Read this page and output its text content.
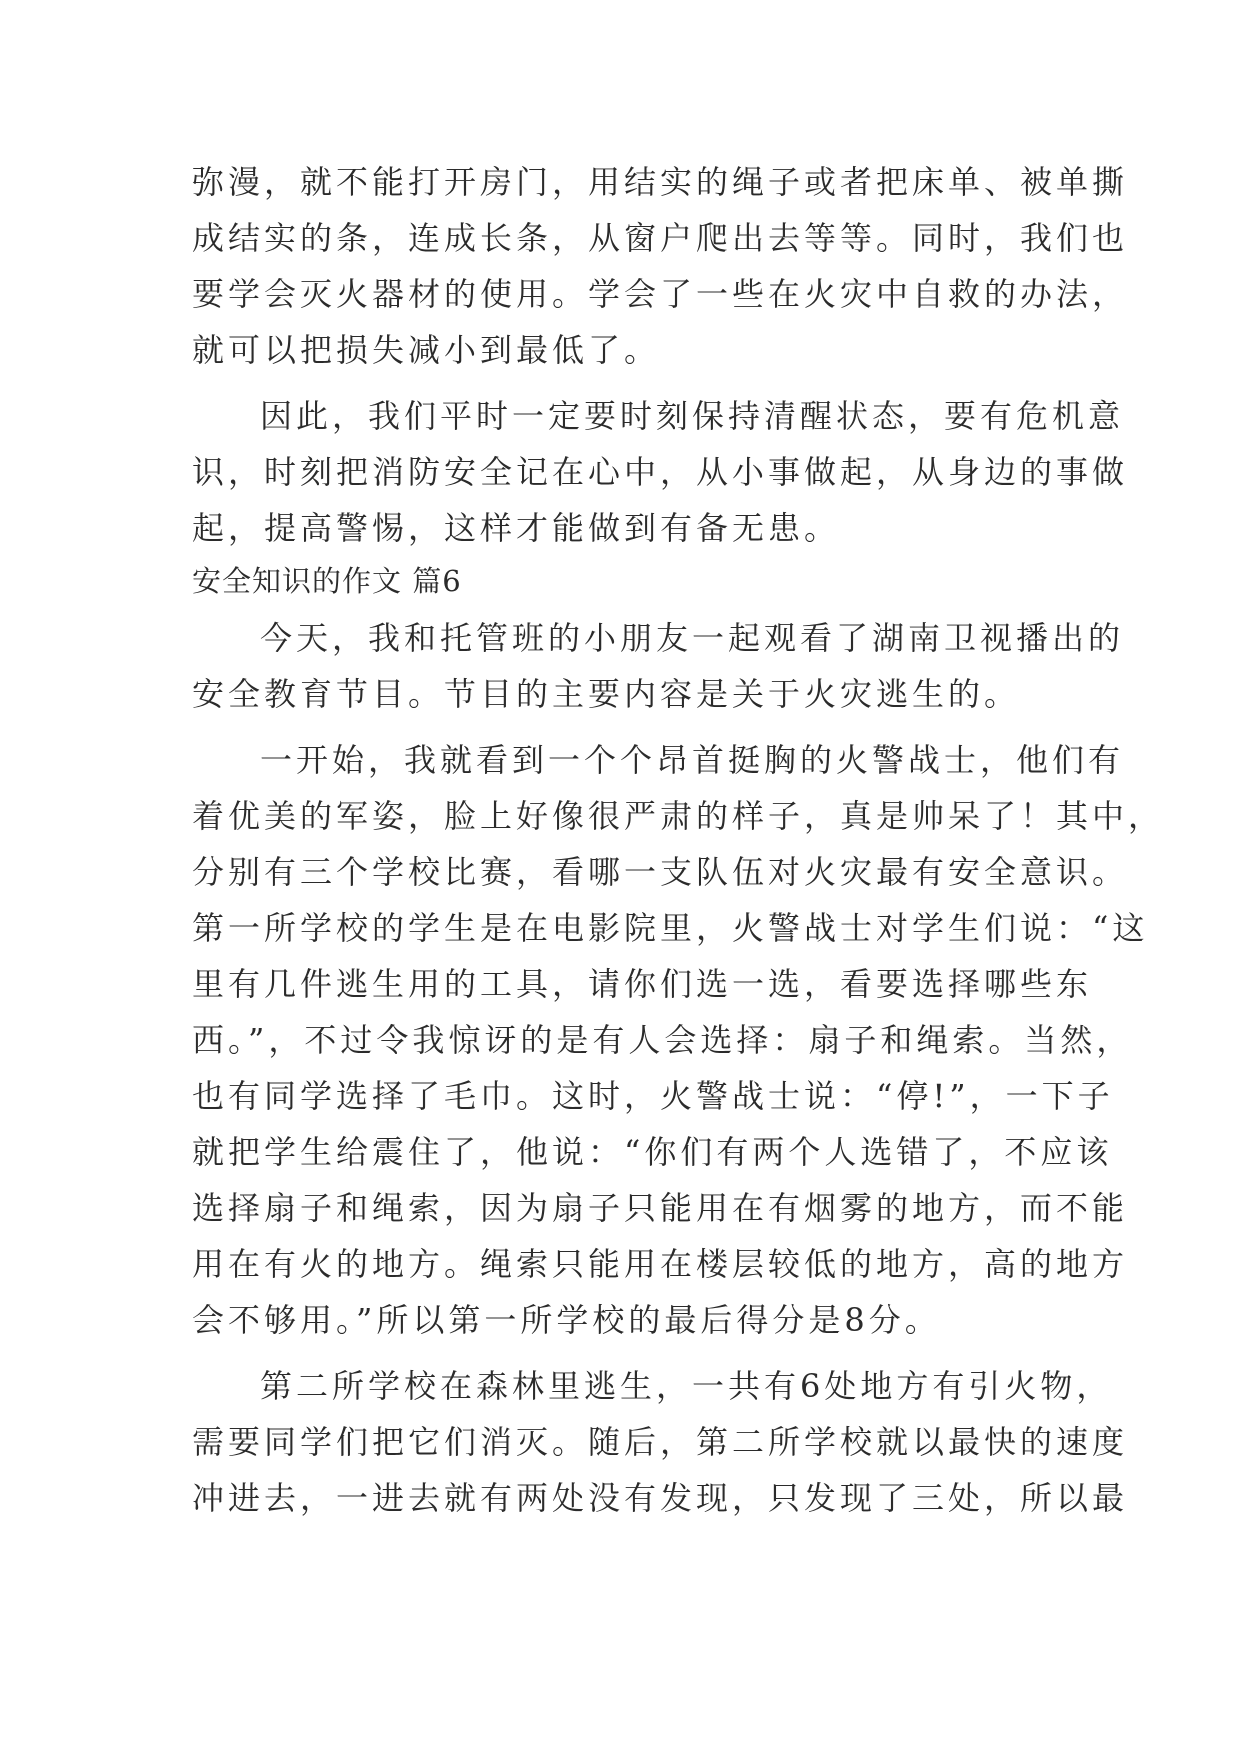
弥漫，就不能打开房门，用结实的绳子或者把床单、被单撕
成结实的条，连成长条，从窗户爬出去等等。同时，我们也
要学会灭火器材的使用。学会了一些在火灾中自救的办法，
就可以把损失减小到最低了。
因此，我们平时一定要时刻保持清醒状态，要有危机意
识，时刻把消防安全记在心中，从小事做起，从身边的事做
起，提高警惕，这样才能做到有备无患。
安全知识的作文 篇6
今天，我和托管班的小朋友一起观看了湖南卫视播出的
安全教育节目。节目的主要内容是关于火灾逃生的。
一开始，我就看到一个个昂首挺胸的火警战士，他们有
着优美的军姿，脸上好像很严肃的样子，真是帅呆了！其中，
分别有三个学校比赛，看哪一支队伍对火灾最有安全意识。
第一所学校的学生是在电影院里，火警战士对学生们说：“这
里有几件逃生用的工具，请你们选一选，看要选择哪些东
西。”，不过令我惊讶的是有人会选择：扇子和绳索。当然，
也有同学选择了毛巾。这时，火警战士说：“停!”，一下子
就把学生给震住了，他说：“你们有两个人选错了，不应该
选择扇子和绳索，因为扇子只能用在有烟雾的地方，而不能
用在有火的地方。绳索只能用在楼层较低的地方，高的地方
会不够用。”所以第一所学校的最后得分是8分。
第二所学校在森林里逃生，一共有6处地方有引火物，
需要同学们把它们消灭。随后，第二所学校就以最快的速度
冲进去，一进去就有两处没有发现，只发现了三处，所以最
